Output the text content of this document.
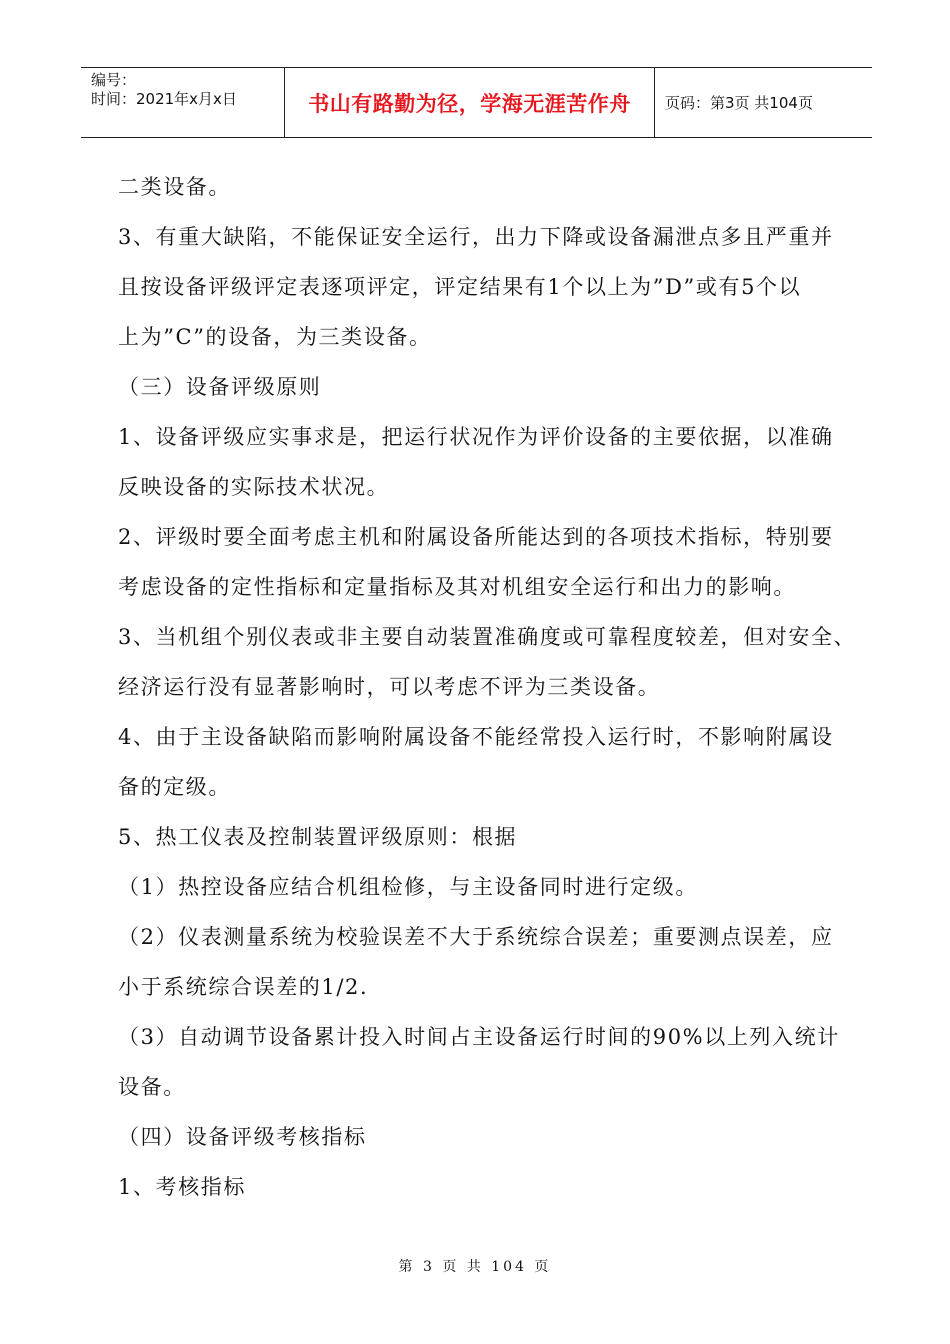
编号：
时间：2021年x月x日	书山有路勤为径，学海无涯苦作舟	页码：第3页 共104页
二类设备。
3、有重大缺陷，不能保证安全运行，出力下降或设备漏泄点多且严重并
且按设备评级评定表逐项评定，评定结果有1个以上为”D”或有5个以
上为”C”的设备，为三类设备。
（三）设备评级原则
1、设备评级应实事求是，把运行状况作为评价设备的主要依据，以准确
反映设备的实际技术状况。
2、评级时要全面考虑主机和附属设备所能达到的各项技术指标，特别要
考虑设备的定性指标和定量指标及其对机组安全运行和出力的影响。
3、当机组个别仪表或非主要自动装置准确度或可靠程度较差，但对安全、
经济运行没有显著影响时，可以考虑不评为三类设备。
4、由于主设备缺陷而影响附属设备不能经常投入运行时，不影响附属设
备的定级。
5、热工仪表及控制装置评级原则：根据
（1）热控设备应结合机组检修，与主设备同时进行定级。
（2）仪表测量系统为校验误差不大于系统综合误差；重要测点误差，应
小于系统综合误差的1/2.
（3）自动调节设备累计投入时间占主设备运行时间的90%以上列入统计
设备。
（四）设备评级考核指标
1、考核指标
第 3 页 共 104 页
